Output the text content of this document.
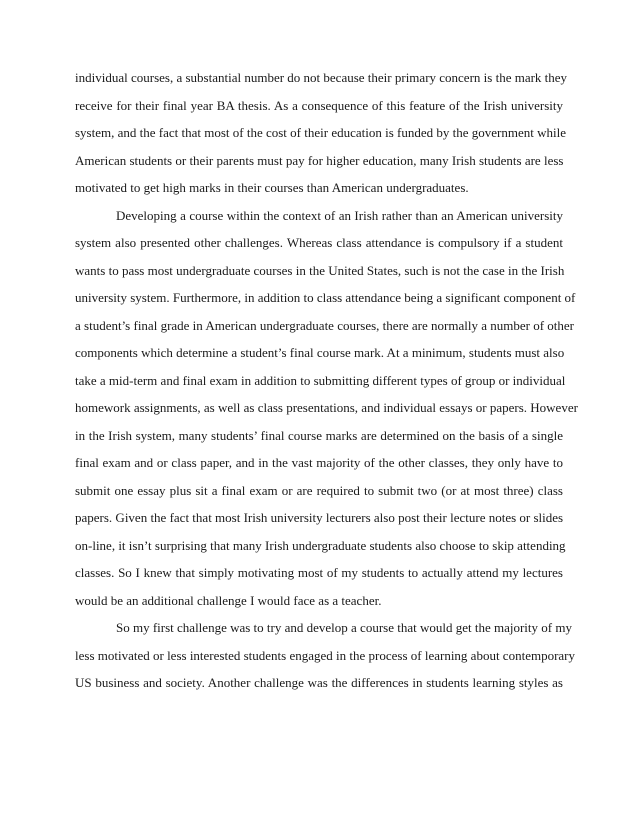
individual courses, a substantial number do not because their primary concern is the mark they
receive for their final year BA thesis. As a consequence of this feature of the Irish university
system, and the fact that most of the cost of their education is funded by the government while
American students or their parents must pay for higher education, many Irish students are less
motivated to get high marks in their courses than American undergraduates.
Developing a course within the context of an Irish rather than an American university
system also presented other challenges. Whereas class attendance is compulsory if a student
wants to pass most undergraduate courses in the United States, such is not the case in the Irish
university system. Furthermore, in addition to class attendance being a significant component of
a student’s final grade in American undergraduate courses, there are normally a number of other
components which determine a student’s final course mark. At a minimum, students must also
take a mid-term and final exam in addition to submitting different types of group or individual
homework assignments, as well as class presentations, and individual essays or papers. However
in the Irish system, many students’ final course marks are determined on the basis of a single
final exam and or class paper, and in the vast majority of the other classes, they only have to
submit one essay plus sit a final exam or are required to submit two (or at most three) class
papers. Given the fact that most Irish university lecturers also post their lecture notes or slides
on-line, it isn’t surprising that many Irish undergraduate students also choose to skip attending
classes. So I knew that simply motivating most of my students to actually attend my lectures
would be an additional challenge I would face as a teacher.
So my first challenge was to try and develop a course that would get the majority of my
less motivated or less interested students engaged in the process of learning about contemporary
US business and society. Another challenge was the differences in students learning styles as
